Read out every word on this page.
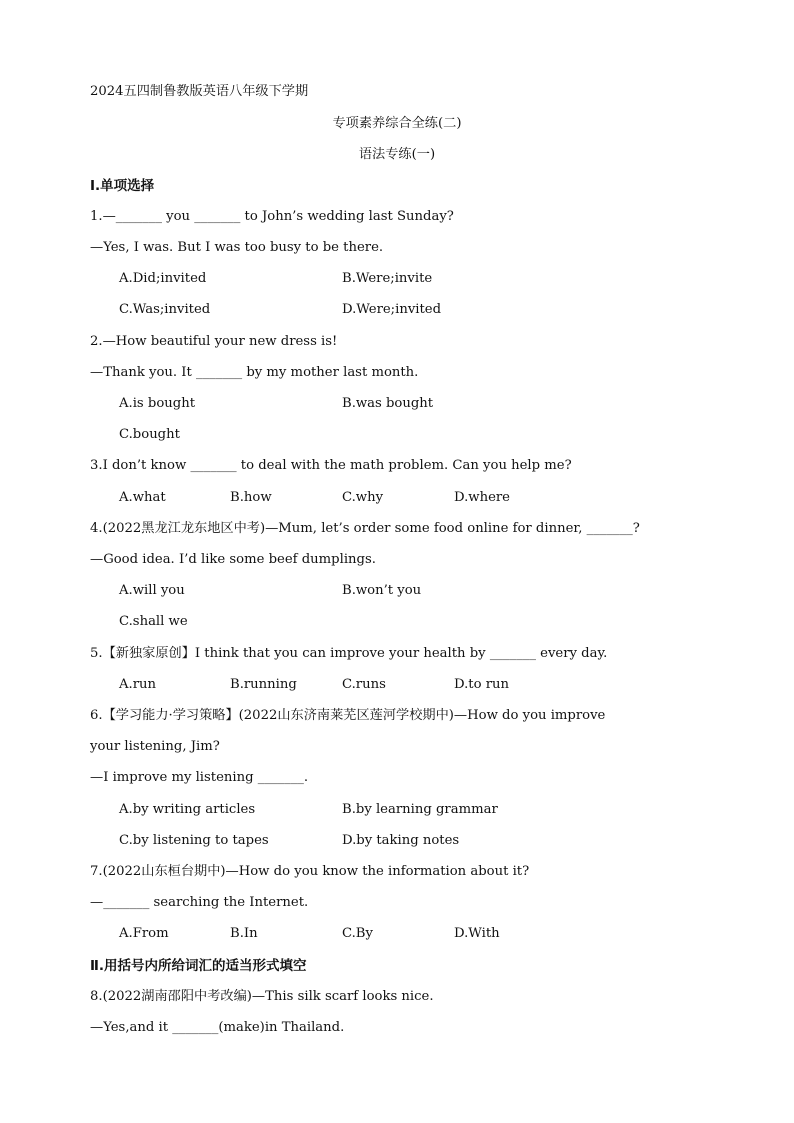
2024五四制鲁教版英语八年级下学期
专项素养综合全练(二)
语法专练(一)
Ⅰ.单项选择
1.—_______ you _______ to John’s wedding last Sunday?
—Yes, I was. But I was too busy to be there.
A.Did;invited	B.Were;invite
C.Was;invited	D.Were;invited
2.—How beautiful your new dress is!
—Thank you. It _______ by my mother last month.
A.is bought	B.was bought
C.bought
3.I don’t know _______ to deal with the math problem. Can you help me?
A.what	B.how	C.why	D.where
4.(2022黑龙江龙东地区中考)—Mum, let’s order some food online for dinner, _______?
—Good idea. I’d like some beef dumplings.
A.will you	B.won’t you
C.shall we
5.【新独家原创】I think that you can improve your health by _______ every day.
A.run	B.running	C.runs	D.to run
6.【学习能力·学习策略】(2022山东济南莱芜区莲河学校期中)—How do you improve
your listening, Jim?
—I improve my listening _______.
A.by writing articles	B.by learning grammar
C.by listening to tapes	D.by taking notes
7.(2022山东桓台期中)—How do you know the information about it?
—_______ searching the Internet.
A.From	B.In	C.By	D.With
Ⅱ.用括号内所给词汇的适当形式填空
8.(2022湖南邵阳中考改编)—This silk scarf looks nice.
—Yes,and it _______(make)in Thailand.
